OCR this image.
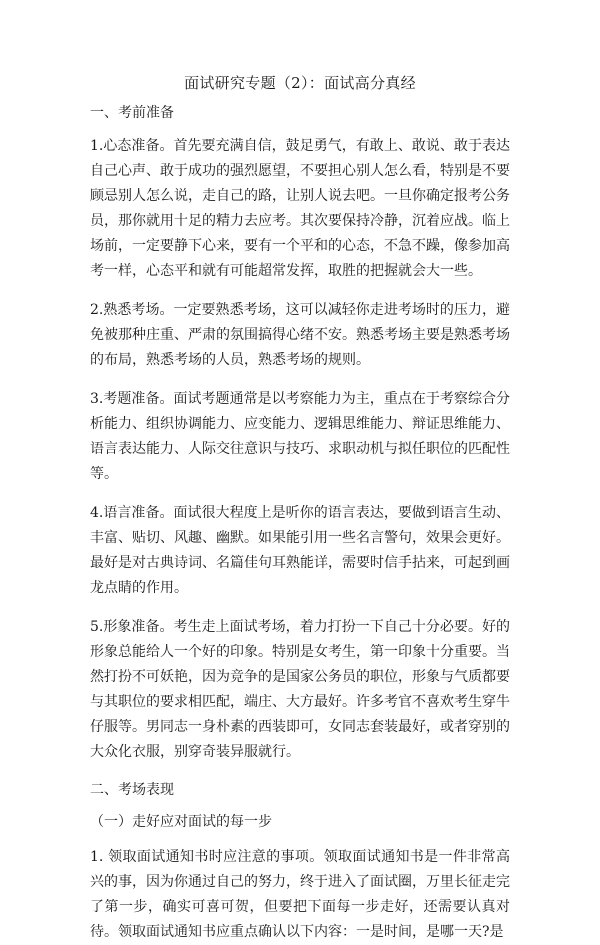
面试研究专题（2）：面试高分真经
一、考前准备

1.心态准备。首先要充满自信，鼓足勇气，有敢上、敢说、敢于表达自己心声、敢于成功的强烈愿望，不要担心别人怎么看，特别是不要顾忌别人怎么说，走自己的路，让别人说去吧。一旦你确定报考公务员，那你就用十足的精力去应考。其次要保持冷静，沉着应战。临上场前，一定要静下心来，要有一个平和的心态，不急不躁，像参加高考一样，心态平和就有可能超常发挥，取胜的把握就会大一些。

2.熟悉考场。一定要熟悉考场，这可以减轻你走进考场时的压力，避免被那种庄重、严肃的氛围搞得心绪不安。熟悉考场主要是熟悉考场的布局，熟悉考场的人员，熟悉考场的规则。

3.考题准备。面试考题通常是以考察能力为主，重点在于考察综合分析能力、组织协调能力、应变能力、逻辑思维能力、辩证思维能力、语言表达能力、人际交往意识与技巧、求职动机与拟任职位的匹配性等。

4.语言准备。面试很大程度上是听你的语言表达，要做到语言生动、丰富、贴切、风趣、幽默。如果能引用一些名言警句，效果会更好。最好是对古典诗词、名篇佳句耳熟能详，需要时信手拈来，可起到画龙点睛的作用。

5.形象准备。考生走上面试考场，着力打扮一下自己十分必要。好的形象总能给人一个好的印象。特别是女考生，第一印象十分重要。当然打扮不可妖艳，因为竞争的是国家公务员的职位，形象与气质都要与其职位的要求相匹配，端庄、大方最好。许多考官不喜欢考生穿牛仔服等。男同志一身朴素的西装即可，女同志套装最好，或者穿别的大众化衣服，别穿奇装异服就行。

二、考场表现
（一）走好应对面试的每一步

1. 领取面试通知书时应注意的事项。领取面试通知书是一件非常高兴的事，因为你通过自己的努力，终于进入了面试圈，万里长征走完了第一步，确实可喜可贺，但要把下面每一步走好，还需要认真对待。领取面试通知书应重点确认以下内容：一是时间，是哪一天?是
